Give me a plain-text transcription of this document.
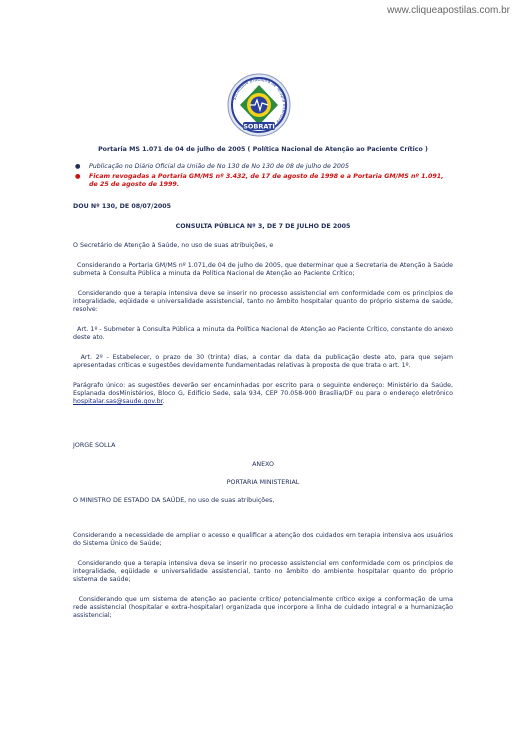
www.cliqueapostilas.com.br
SOBRATI
Sociedade Brasileira de Terapia Intensiva

Portaria MS 1.071 de 04 de julho de 2005 ( Política Nacional de Atenção ao Paciente Crítico )

● Publicação no Diário Oficial da União de No 130 de No 130 de 08 de julho de 2005
● Ficam revogadas a Portaria GM/MS nº 3.432, de 17 de agosto de 1998 e a Portaria GM/MS nº 1.091, de 25 de agosto de 1999.

DOU Nº 130, DE 08/07/2005

CONSULTA PÚBLICA Nº 3, DE 7 DE JULHO DE 2005

O Secretário de Atenção à Saúde, no uso de suas atribuições, e

Considerando a Portaria GM/MS nº 1.071,de 04 de julho de 2005, que determinar que a Secretaria de Atenção à Saúde submeta à Consulta Pública a minuta da Política Nacional de Atenção ao Paciente Crítico;

Considerando que a terapia intensiva deve se inserir no processo assistencial em conformidade com os princípios de integralidade, eqüidade e universalidade assistencial, tanto no âmbito hospitalar quanto do próprio sistema de saúde, resolve:

Art. 1º - Submeter à Consulta Pública a minuta da Política Nacional de Atenção ao Paciente Crítico, constante do anexo deste ato.

Art. 2º - Estabelecer, o prazo de 30 (trinta) dias, a contar da data da publicação deste ato, para que sejam apresentadas críticas e sugestões devidamente fundamentadas relativas à proposta de que trata o art. 1º.

Parágrafo único: as sugestões deverão ser encaminhadas por escrito para o seguinte endereço: Ministério da Saúde, Esplanada dosMinistérios, Bloco G, Edifício Sede, sala 934, CEP 70.058-900 Brasília/DF ou para o endereço eletrônico hospitalar.sas@saude.gov.br.

JORGE SOLLA

ANEXO

PORTARIA MINISTERIAL

O MINISTRO DE ESTADO DA SAÚDE, no uso de suas atribuições,

Considerando a necessidade de ampliar o acesso e qualificar a atenção dos cuidados em terapia intensiva aos usuários do Sistema Único de Saúde;

Considerando que a terapia intensiva deva se inserir no processo assistencial em conformidade com os princípios de integralidade, eqüidade e universalidade assistencial, tanto no âmbito do ambiente hospitalar quanto do próprio sistema de saúde;

Considerando que um sistema de atenção ao paciente crítico/ potencialmente crítico exige a conformação de uma rede assistencial (hospitalar e extra-hospitalar) organizada que incorpore a linha de cuidado integral e a humanização assistencial;
